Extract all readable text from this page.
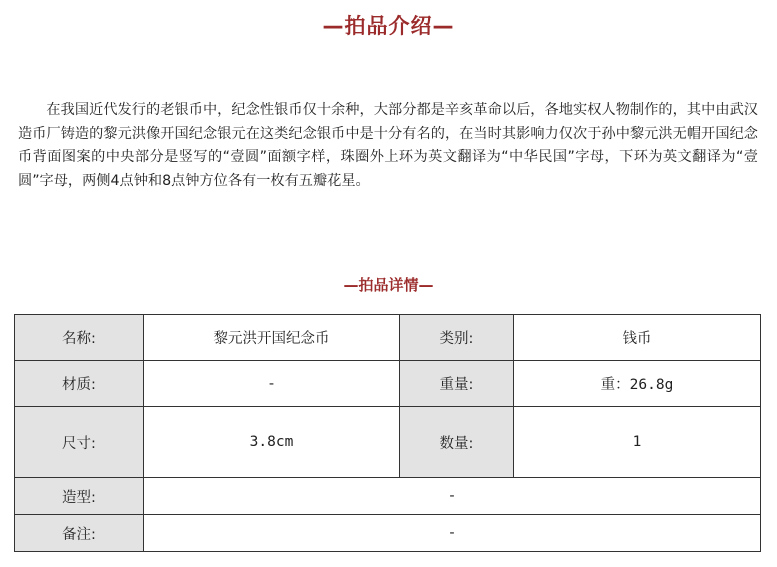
—拍品介绍—

在我国近代发行的老银币中，纪念性银币仅十余种，大部分都是辛亥革命以后，各地实权人物制作的，其中由武汉造币厂铸造的黎元洪像开国纪念银元在这类纪念银币中是十分有名的，在当时其影响力仅次于孙中黎元洪无帽开国纪念币背面图案的中央部分是竖写的“壹圆”面额字样，珠圈外上环为英文翻译为“中华民国”字母，下环为英文翻译为“壹圆”字母，两侧4点钟和8点钟方位各有一枚有五瓣花星。

—拍品详情—
名称:	黎元洪开国纪念币	类别:	钱币
材质:	-	重量:	重：26.8g
尺寸:	3.8cm	数量:	1
造型:	-		
备注:	-		
